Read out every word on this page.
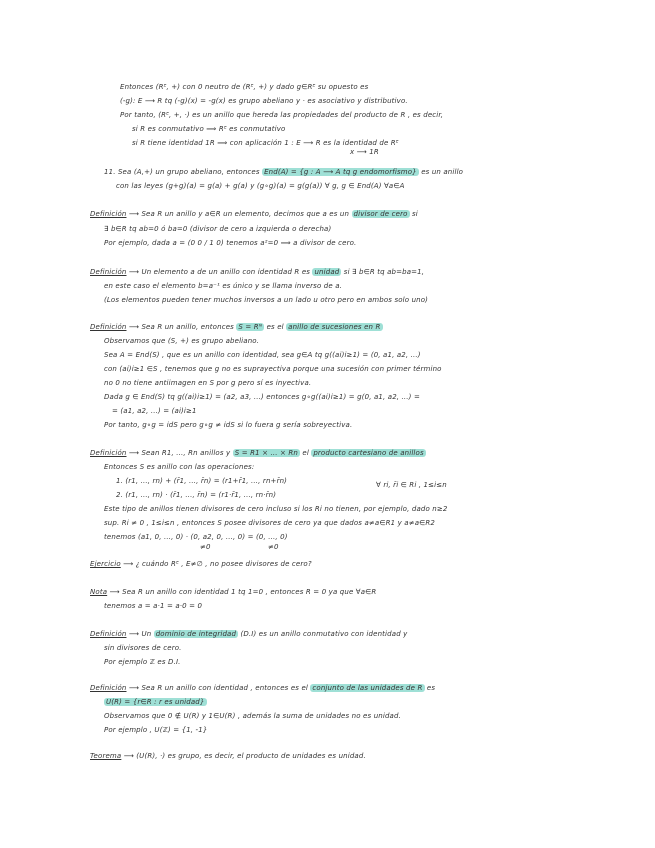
Entonces (Rᴱ, +) con 0 neutro de (Rᴱ, +) y dado g∈Rᴱ su opuesto es
(-g): E ⟶ R tq (-g)(x) = -g(x) es grupo abeliano y · es asociativo y distributivo.
Por tanto, (Rᴱ, +, ·) es un anillo que hereda las propiedades del producto de R , es decir,
si R es conmutativo ⟹ Rᴱ es conmutativo
si R tiene identidad 1R ⟹ con aplicación 1 : E ⟶ R es la identidad de Rᴱ
x ⟶ 1R
11. Sea (A,+) un grupo abeliano, entonces End(A) = {g : A ⟶ A tq g endomorfismo} es un anillo
con las leyes (g+g)(a) = g(a) + g(a) y (g∘g)(a) = g(g(a)) ∀ g, g ∈ End(A) ∀a∈A
Definición ⟶ Sea R un anillo y a∈R un elemento, decimos que a es un divisor de cero si
∃ b∈R tq ab=0 ó ba=0 (divisor de cero a izquierda o derecha)
Por ejemplo, dada a = (0 0 / 1 0) tenemos a²=0 ⟹ a divisor de cero.
Definición ⟶ Un elemento a de un anillo con identidad R es unidad si ∃ b∈R tq ab=ba=1,
en este caso el elemento b=a⁻¹ es único y se llama inverso de a.
(Los elementos pueden tener muchos inversos a un lado u otro pero en ambos solo uno)
Definición ⟶ Sea R un anillo, entonces S = Rᴺ es el anillo de sucesiones en R
Observamos que (S, +) es grupo abeliano.
Sea A = End(S) , que es un anillo con identidad, sea g∈A tq g((ai)i≥1) = (0, a1, a2, ...)
con (ai)i≥1 ∈S , tenemos que g no es suprayectiva porque una sucesión con primer término
no 0 no tiene antiimagen en S por g pero sí es inyectiva.
Dada g ∈ End(S) tq g((ai)i≥1) = (a2, a3, ...) entonces g∘g((ai)i≥1) = g(0, a1, a2, ...) =
= (a1, a2, ...) = (ai)i≥1
Por tanto, g∘g = idS pero g∘g ≠ idS si lo fuera g sería sobreyectiva.
Definición ⟶ Sean R1, ..., Rn anillos y S = R1 × ... × Rn el producto cartesiano de anillos
Entonces S es anillo con las operaciones:
1. (r1, ..., rn) + (r̄1, ..., r̄n) = (r1+r̄1, ..., rn+r̄n)	∀ ri, r̄i ∈ Ri , 1≤i≤n
2. (r1, ..., rn) · (r̄1, ..., r̄n) = (r1·r̄1, ..., rn·r̄n)
Este tipo de anillos tienen divisores de cero incluso si los Ri no tienen, por ejemplo, dado n≥2
sup. Ri ≠ 0 , 1≤i≤n , entonces S posee divisores de cero ya que dados a≠a∈R1 y a≠a∈R2
tenemos (a1, 0, ..., 0) · (0, a2, 0, ..., 0) = (0, ..., 0)
≠0	≠0
Ejercicio ⟶ ¿ cuándo Rᴱ , E≠∅ , no posee divisores de cero?
Nota ⟶ Sea R un anillo con identidad 1 tq 1=0 , entonces R = 0 ya que ∀a∈R
tenemos a = a·1 = a·0 = 0
Definición ⟶ Un dominio de integridad (D.I) es un anillo conmutativo con identidad y
sin divisores de cero.
Por ejemplo ℤ es D.I.
Definición ⟶ Sea R un anillo con identidad , entonces es el conjunto de las unidades de R es
U(R) = {r∈R : r es unidad}
Observamos que 0 ∉ U(R) y 1∈U(R) , además la suma de unidades no es unidad.
Por ejemplo , U(ℤ) = {1, -1}
Teorema ⟶ (U(R), ·) es grupo, es decir, el producto de unidades es unidad.
